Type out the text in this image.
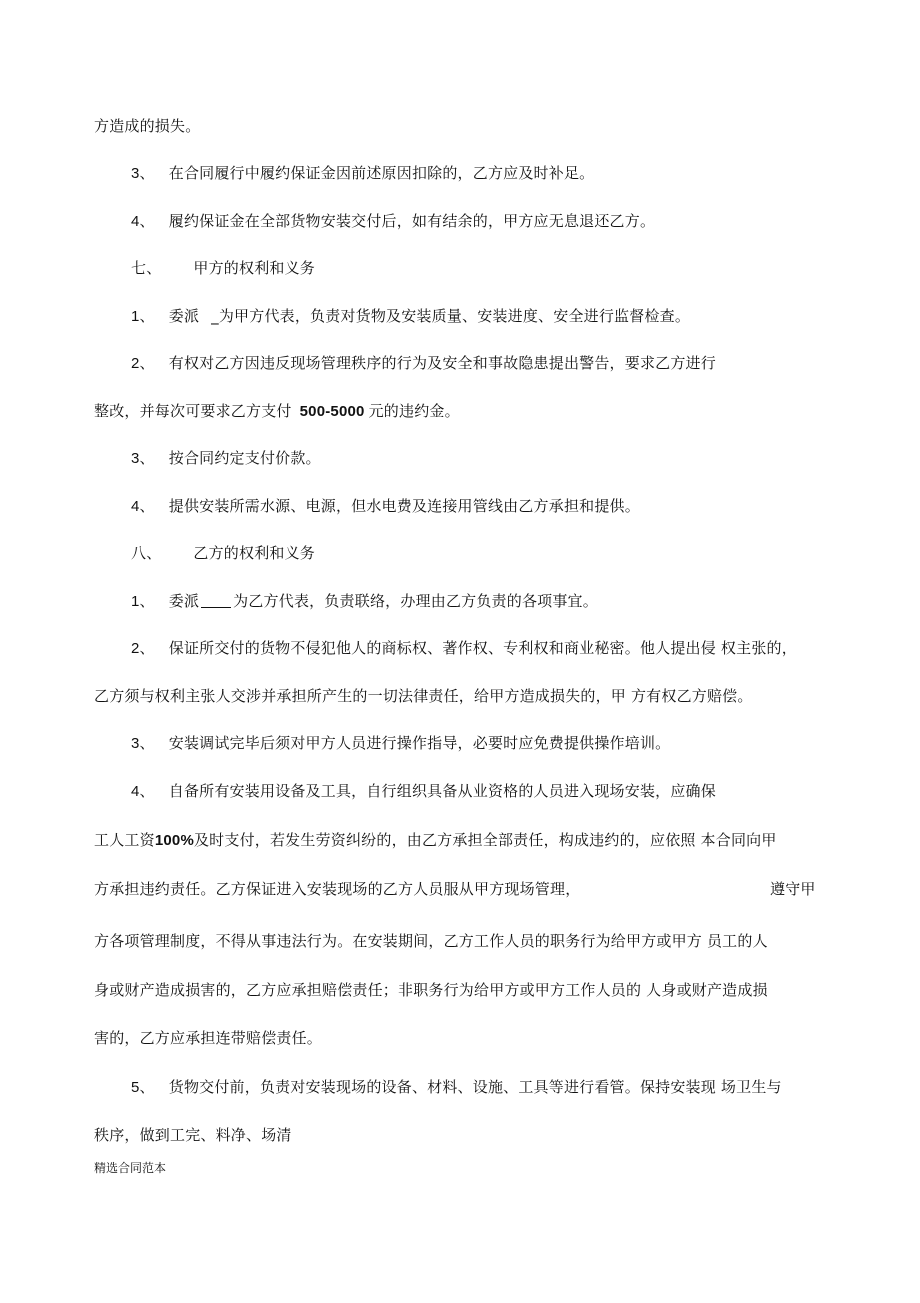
方造成的损失。

3、 在合同履行中履约保证金因前述原因扣除的，乙方应及时补足。

4、 履约保证金在全部货物安装交付后，如有结余的，甲方应无息退还乙方。

七、 甲方的权利和义务

1、 委派 _为甲方代表，负责对货物及安装质量、安装进度、安全进行监督检查。

2、 有权对乙方因违反现场管理秩序的行为及安全和事故隐患提出警告，要求乙方进行

整改，并每次可要求乙方支付 500-5000 元的违约金。

3、 按合同约定支付价款。

4、 提供安装所需水源、电源，但水电费及连接用管线由乙方承担和提供。

八、 乙方的权利和义务

1、 委派 为乙方代表，负责联络，办理由乙方负责的各项事宜。

2、 保证所交付的货物不侵犯他人的商标权、著作权、专利权和商业秘密。他人提出侵 权主张的，

乙方须与权利主张人交涉并承担所产生的一切法律责任，给甲方造成损失的，甲 方有权乙方赔偿。

3、 安装调试完毕后须对甲方人员进行操作指导，必要时应免费提供操作培训。

4、 自备所有安装用设备及工具，自行组织具备从业资格的人员进入现场安装，应确保

工人工资100%及时支付，若发生劳资纠纷的，由乙方承担全部责任，构成违约的，应依照 本合同向甲

方承担违约责任。乙方保证进入安装现场的乙方人员服从甲方现场管理，	遵守甲

方各项管理制度，不得从事违法行为。在安装期间，乙方工作人员的职务行为给甲方或甲方 员工的人

身或财产造成损害的，乙方应承担赔偿责任；非职务行为给甲方或甲方工作人员的 人身或财产造成损

害的，乙方应承担连带赔偿责任。

5、 货物交付前，负责对安装现场的设备、材料、设施、工具等进行看管。保持安装现 场卫生与

秩序，做到工完、料净、场清

精选合同范本
